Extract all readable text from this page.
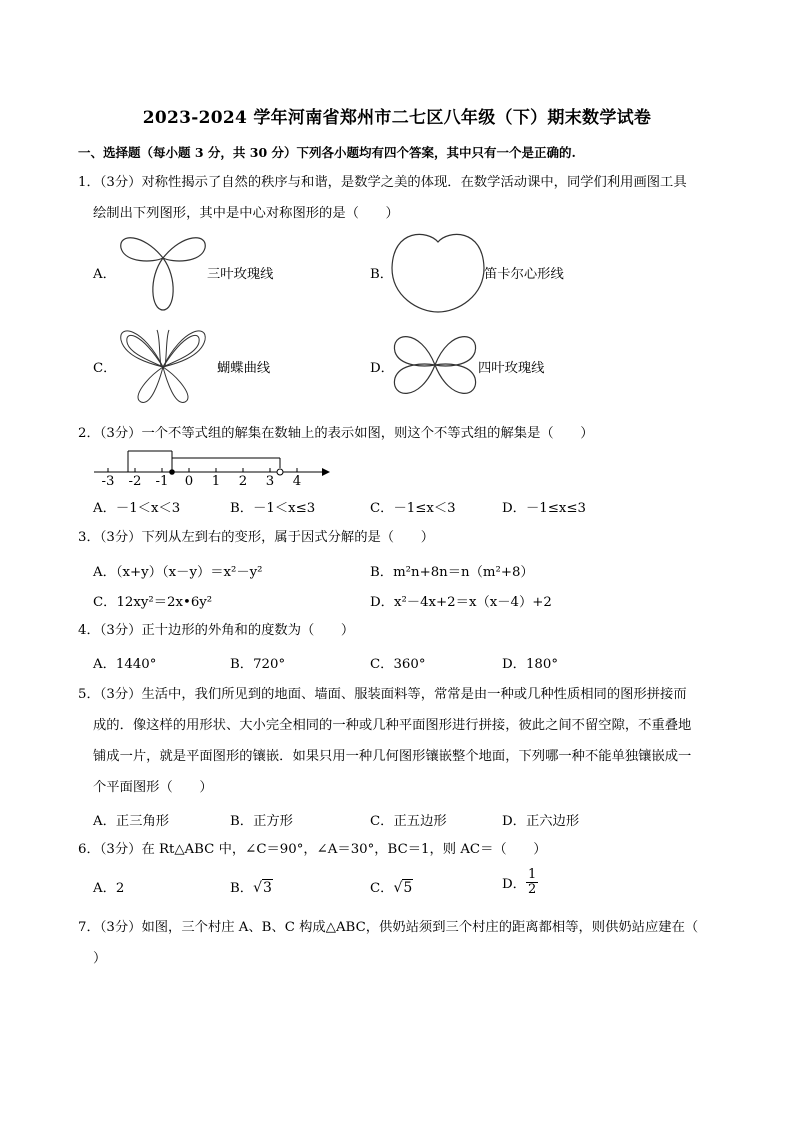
2023-2024 学年河南省郑州市二七区八年级（下）期末数学试卷
一、选择题（每小题 3 分，共 30 分）下列各小题均有四个答案，其中只有一个是正确的.
1．（3分）对称性揭示了自然的秩序与和谐，是数学之美的体现．在数学活动课中，同学们利用画图工具
绘制出下列图形，其中是中心对称图形的是（　　）
A．	三叶玫瑰线	B．	笛卡尔心形线
C．	蝴蝶曲线	D．	四叶玫瑰线
2．（3分）一个不等式组的解集在数轴上的表示如图，则这个不等式组的解集是（　　）
-3	-2	-1	0	1	2	3	4
A．－1＜x＜3	B．－1＜x≤3	C．－1≤x＜3	D．－1≤x≤3
3．（3分）下列从左到右的变形，属于因式分解的是（　　）
A．（x+y）（x－y）＝x²－y²	B．m²n+8n＝n（m²+8）
C．12xy²＝2x•6y²	D．x²－4x+2＝x（x－4）+2
4．（3分）正十边形的外角和的度数为（　　）
A．1440°	B．720°	C．360°	D．180°
5．（3分）生活中，我们所见到的地面、墙面、服装面料等，常常是由一种或几种性质相同的图形拼接而
成的．像这样的用形状、大小完全相同的一种或几种平面图形进行拼接，彼此之间不留空隙，不重叠地
铺成一片，就是平面图形的镶嵌．如果只用一种几何图形镶嵌整个地面，下列哪一种不能单独镶嵌成一
个平面图形（　　）
A．正三角形	B．正方形	C．正五边形	D．正六边形
6．（3分）在 Rt△ABC 中，∠C＝90°，∠A＝30°，BC＝1，则 AC＝（　　）
A．2	B．√3	C．√5	D． $\frac{1}{2}$
7．（3分）如图，三个村庄 A、B、C 构成△ABC，供奶站须到三个村庄的距离都相等，则供奶站应建在（
）
